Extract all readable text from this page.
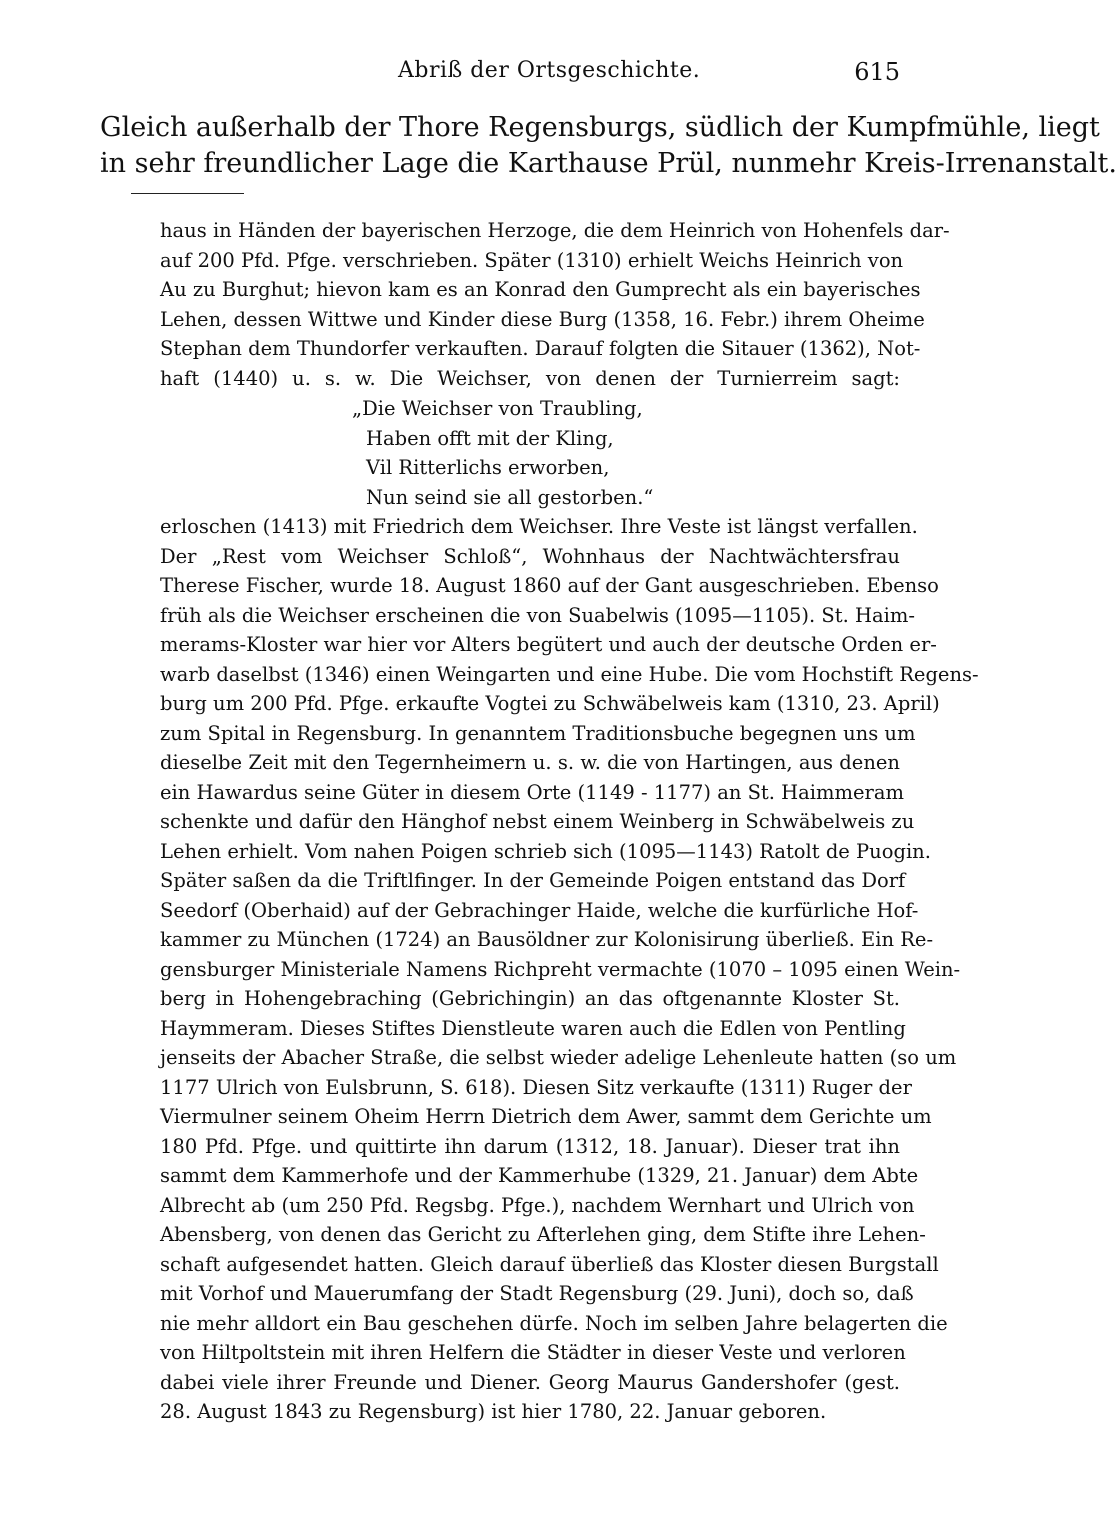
Abriß der Ortsgeschichte.	615
Gleich außerhalb der Thore Regensburgs, südlich der Kumpfmühle, liegt
in sehr freundlicher Lage die Karthause Prül, nunmehr Kreis-Irrenanstalt.
haus in Händen der bayerischen Herzoge, die dem Heinrich von Hohenfels dar-
auf 200 Pfd. Pfge. verschrieben. Später (1310) erhielt Weichs Heinrich von
Au zu Burghut; hievon kam es an Konrad den Gumprecht als ein bayerisches
Lehen, dessen Wittwe und Kinder diese Burg (1358, 16. Febr.) ihrem Oheime
Stephan dem Thundorfer verkauften. Darauf folgten die Sitauer (1362), Not-
haft (1440) u. s. w. Die Weichser, von denen der Turnierreim sagt:
„Die Weichser von Traubling,
Haben offt mit der Kling,
Vil Ritterlichs erworben,
Nun seind sie all gestorben.“
erloschen (1413) mit Friedrich dem Weichser. Ihre Veste ist längst verfallen.
Der „Rest vom Weichser Schloß“, Wohnhaus der Nachtwächtersfrau
Therese Fischer, wurde 18. August 1860 auf der Gant ausgeschrieben. Ebenso
früh als die Weichser erscheinen die von Suabelwis (1095—1105). St. Haim-
merams-Kloster war hier vor Alters begütert und auch der deutsche Orden er-
warb daselbst (1346) einen Weingarten und eine Hube. Die vom Hochstift Regens-
burg um 200 Pfd. Pfge. erkaufte Vogtei zu Schwäbelweis kam (1310, 23. April)
zum Spital in Regensburg. In genanntem Traditionsbuche begegnen uns um
dieselbe Zeit mit den Tegernheimern u. s. w. die von Hartingen, aus denen
ein Hawardus seine Güter in diesem Orte (1149 - 1177) an St. Haimmeram
schenkte und dafür den Hänghof nebst einem Weinberg in Schwäbelweis zu
Lehen erhielt. Vom nahen Poigen schrieb sich (1095—1143) Ratolt de Puogin.
Später saßen da die Triftlfinger. In der Gemeinde Poigen entstand das Dorf
Seedorf (Oberhaid) auf der Gebrachinger Haide, welche die kurfürliche Hof-
kammer zu München (1724) an Bausöldner zur Kolonisirung überließ. Ein Re-
gensburger Ministeriale Namens Richpreht vermachte (1070 – 1095 einen Wein-
berg in Hohengebraching (Gebrichingin) an das oftgenannte Kloster St.
Haymmeram. Dieses Stiftes Dienstleute waren auch die Edlen von Pentling
jenseits der Abacher Straße, die selbst wieder adelige Lehenleute hatten (so um
1177 Ulrich von Eulsbrunn, S. 618). Diesen Sitz verkaufte (1311) Ruger der
Viermulner seinem Oheim Herrn Dietrich dem Awer, sammt dem Gerichte um
180 Pfd. Pfge. und quittirte ihn darum (1312, 18. Januar). Dieser trat ihn
sammt dem Kammerhofe und der Kammerhube (1329, 21. Januar) dem Abte
Albrecht ab (um 250 Pfd. Regsbg. Pfge.), nachdem Wernhart und Ulrich von
Abensberg, von denen das Gericht zu Afterlehen ging, dem Stifte ihre Lehen-
schaft aufgesendet hatten. Gleich darauf überließ das Kloster diesen Burgstall
mit Vorhof und Mauerumfang der Stadt Regensburg (29. Juni), doch so, daß
nie mehr alldort ein Bau geschehen dürfe. Noch im selben Jahre belagerten die
von Hiltpoltstein mit ihren Helfern die Städter in dieser Veste und verloren
dabei viele ihrer Freunde und Diener. Georg Maurus Gandershofer (gest.
28. August 1843 zu Regensburg) ist hier 1780, 22. Januar geboren.
